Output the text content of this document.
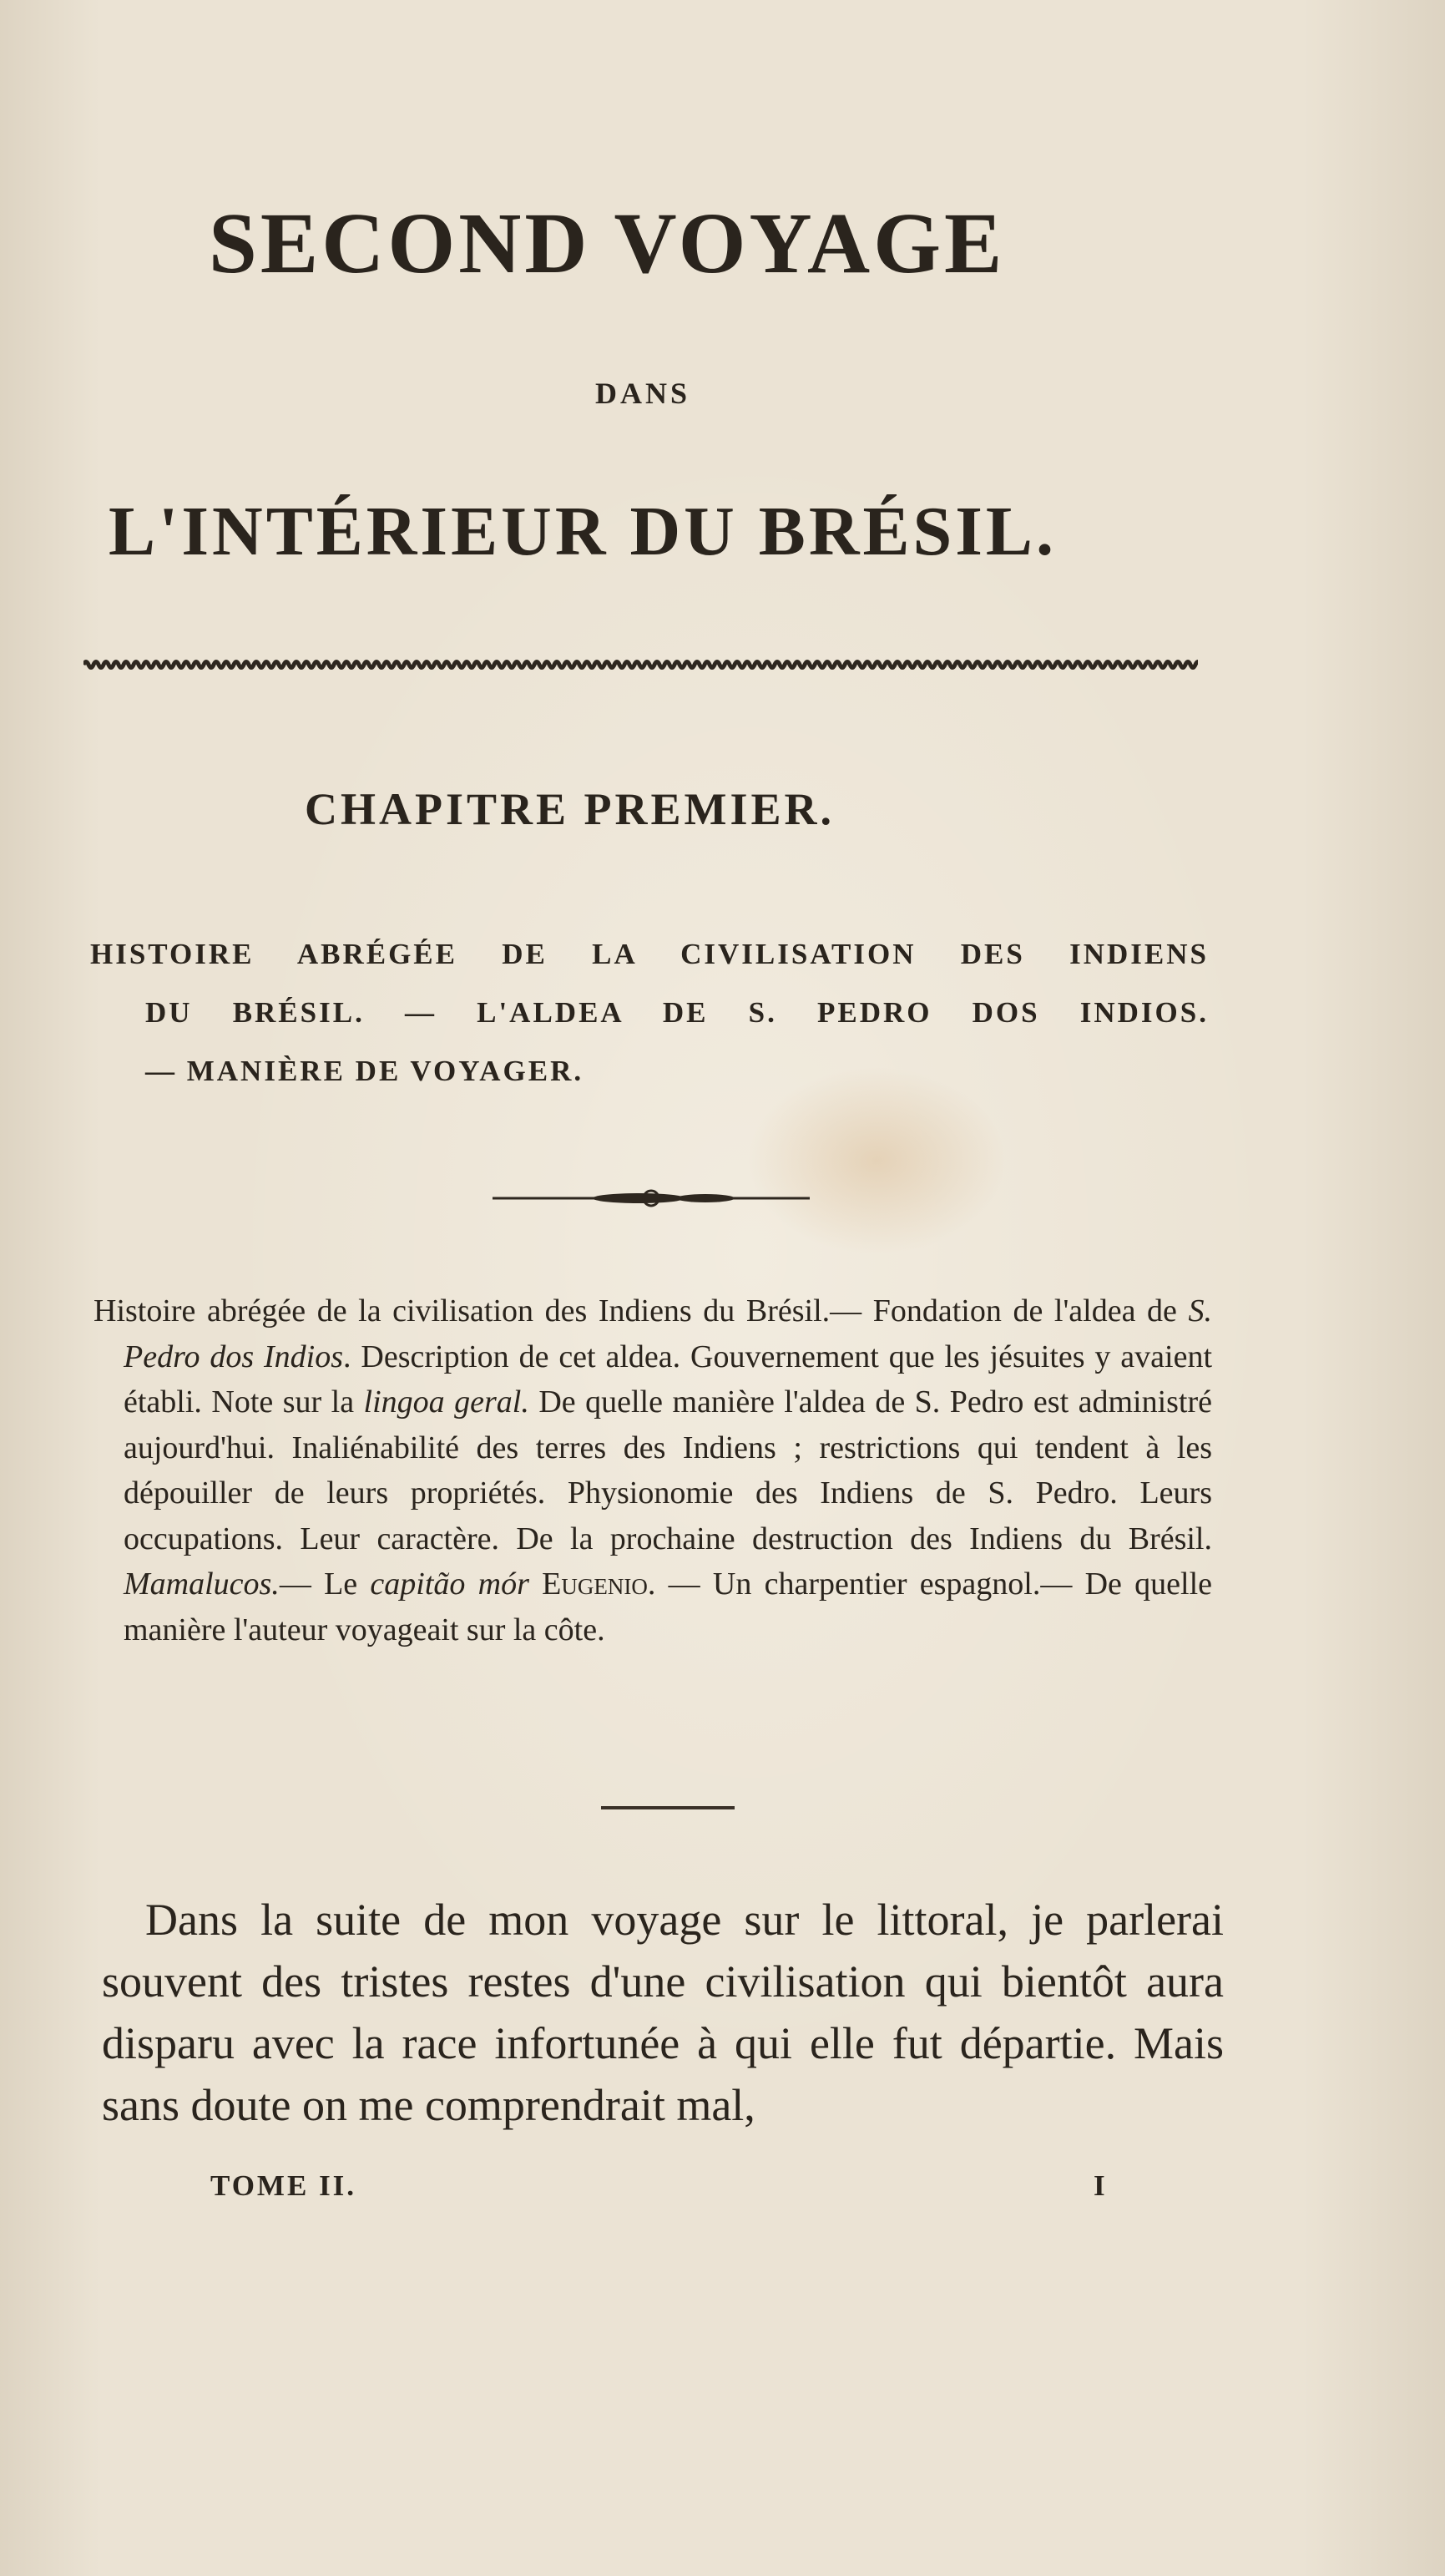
SECOND VOYAGE
DANS
L'INTÉRIEUR DU BRÉSIL.
CHAPITRE PREMIER.
HISTOIRE ABRÉGÉE DE LA CIVILISATION DES INDIENS
DU BRÉSIL. — L'ALDEA DE S. PEDRO DOS INDIOS.
— MANIÈRE DE VOYAGER.

Histoire abrégée de la civilisation des Indiens du Brésil.— Fondation de l'aldea de S. Pedro dos Indios. Description de cet aldea. Gouvernement que les jésuites y avaient établi. Note sur la lingoa geral. De quelle manière l'aldea de S. Pedro est administré aujourd'hui. Inaliénabilité des terres des Indiens ; restrictions qui tendent à les dépouiller de leurs propriétés. Physionomie des Indiens de S. Pedro. Leurs occupations. Leur caractère. De la prochaine destruction des Indiens du Brésil. Mamalucos.— Le capitão mór Eugenio. — Un charpentier espagnol.— De quelle manière l'auteur voyageait sur la côte.

Dans la suite de mon voyage sur le littoral, je parlerai souvent des tristes restes d'une civilisation qui bientôt aura disparu avec la race infortunée à qui elle fut départie. Mais sans doute on me comprendrait mal,

TOME II.	I
